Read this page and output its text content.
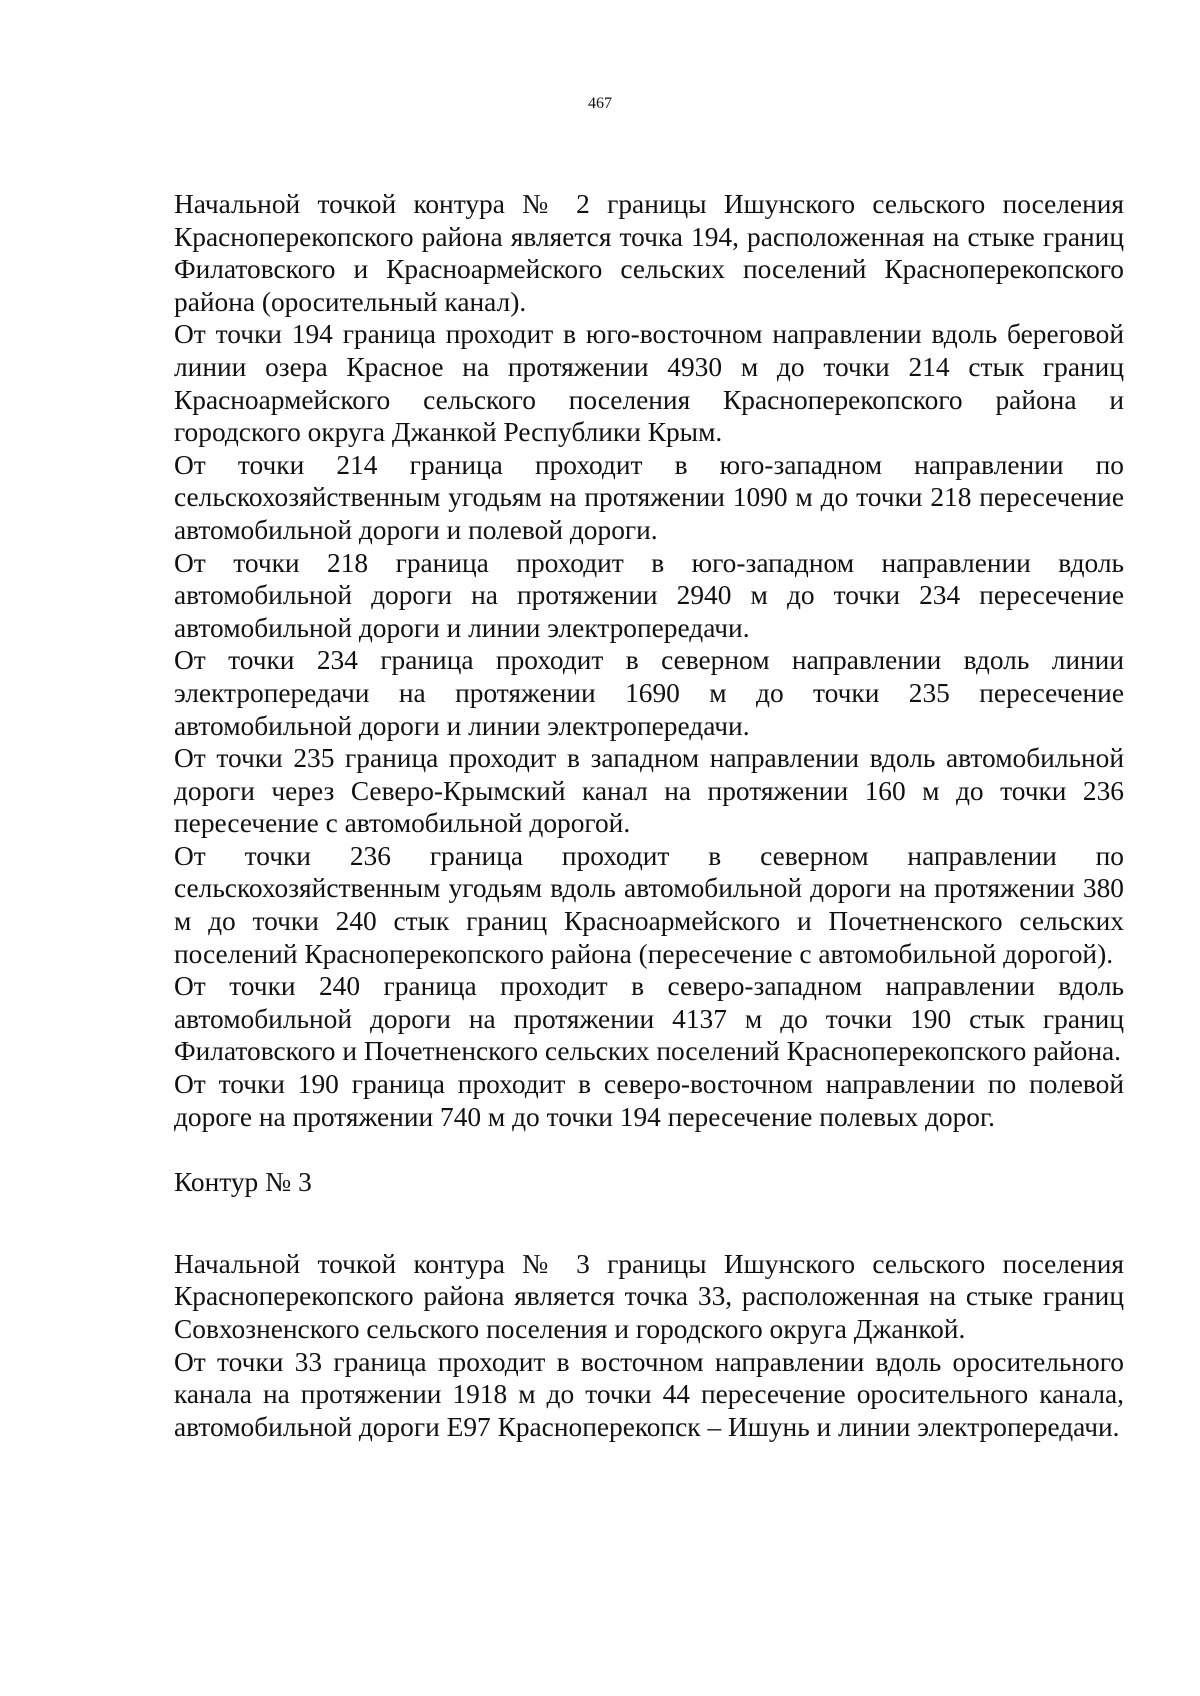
467

Начальной точкой контура № 2 границы Ишунского сельского поселения Красноперекопского района является точка 194, расположенная на стыке границ Филатовского и Красноармейского сельских поселений Красноперекопского района (оросительный канал).

От точки 194 граница проходит в юго-восточном направлении вдоль береговой линии озера Красное на протяжении 4930 м до точки 214 стык границ Красноармейского сельского поселения Красноперекопского района и городского округа Джанкой Республики Крым.

От точки 214 граница проходит в юго-западном направлении по сельскохозяйственным угодьям на протяжении 1090 м до точки 218 пересечение автомобильной дороги и полевой дороги.

От точки 218 граница проходит в юго-западном направлении вдоль автомобильной дороги на протяжении 2940 м до точки 234 пересечение автомобильной дороги и линии электропередачи.

От точки 234 граница проходит в северном направлении вдоль линии электропередачи на протяжении 1690 м до точки 235 пересечение автомобильной дороги и линии электропередачи.

От точки 235 граница проходит в западном направлении вдоль автомобильной дороги через Северо-Крымский канал на протяжении 160 м до точки 236 пересечение с автомобильной дорогой.

От точки 236 граница проходит в северном направлении по сельскохозяйственным угодьям вдоль автомобильной дороги на протяжении 380 м до точки 240 стык границ Красноармейского и Почетненского сельских поселений Красноперекопского района (пересечение с автомобильной дорогой).

От точки 240 граница проходит в северо-западном направлении вдоль автомобильной дороги на протяжении 4137 м до точки 190 стык границ Филатовского и Почетненского сельских поселений Красноперекопского района.

От точки 190 граница проходит в северо-восточном направлении по полевой дороге на протяжении 740 м до точки 194 пересечение полевых дорог.

Контур № 3

Начальной точкой контура № 3 границы Ишунского сельского поселения Красноперекопского района является точка 33, расположенная на стыке границ Совхозненского сельского поселения и городского округа Джанкой.

От точки 33 граница проходит в восточном направлении вдоль оросительного канала на протяжении 1918 м до точки 44 пересечение оросительного канала, автомобильной дороги Е97 Красноперекопск – Ишунь и линии электропередачи.
